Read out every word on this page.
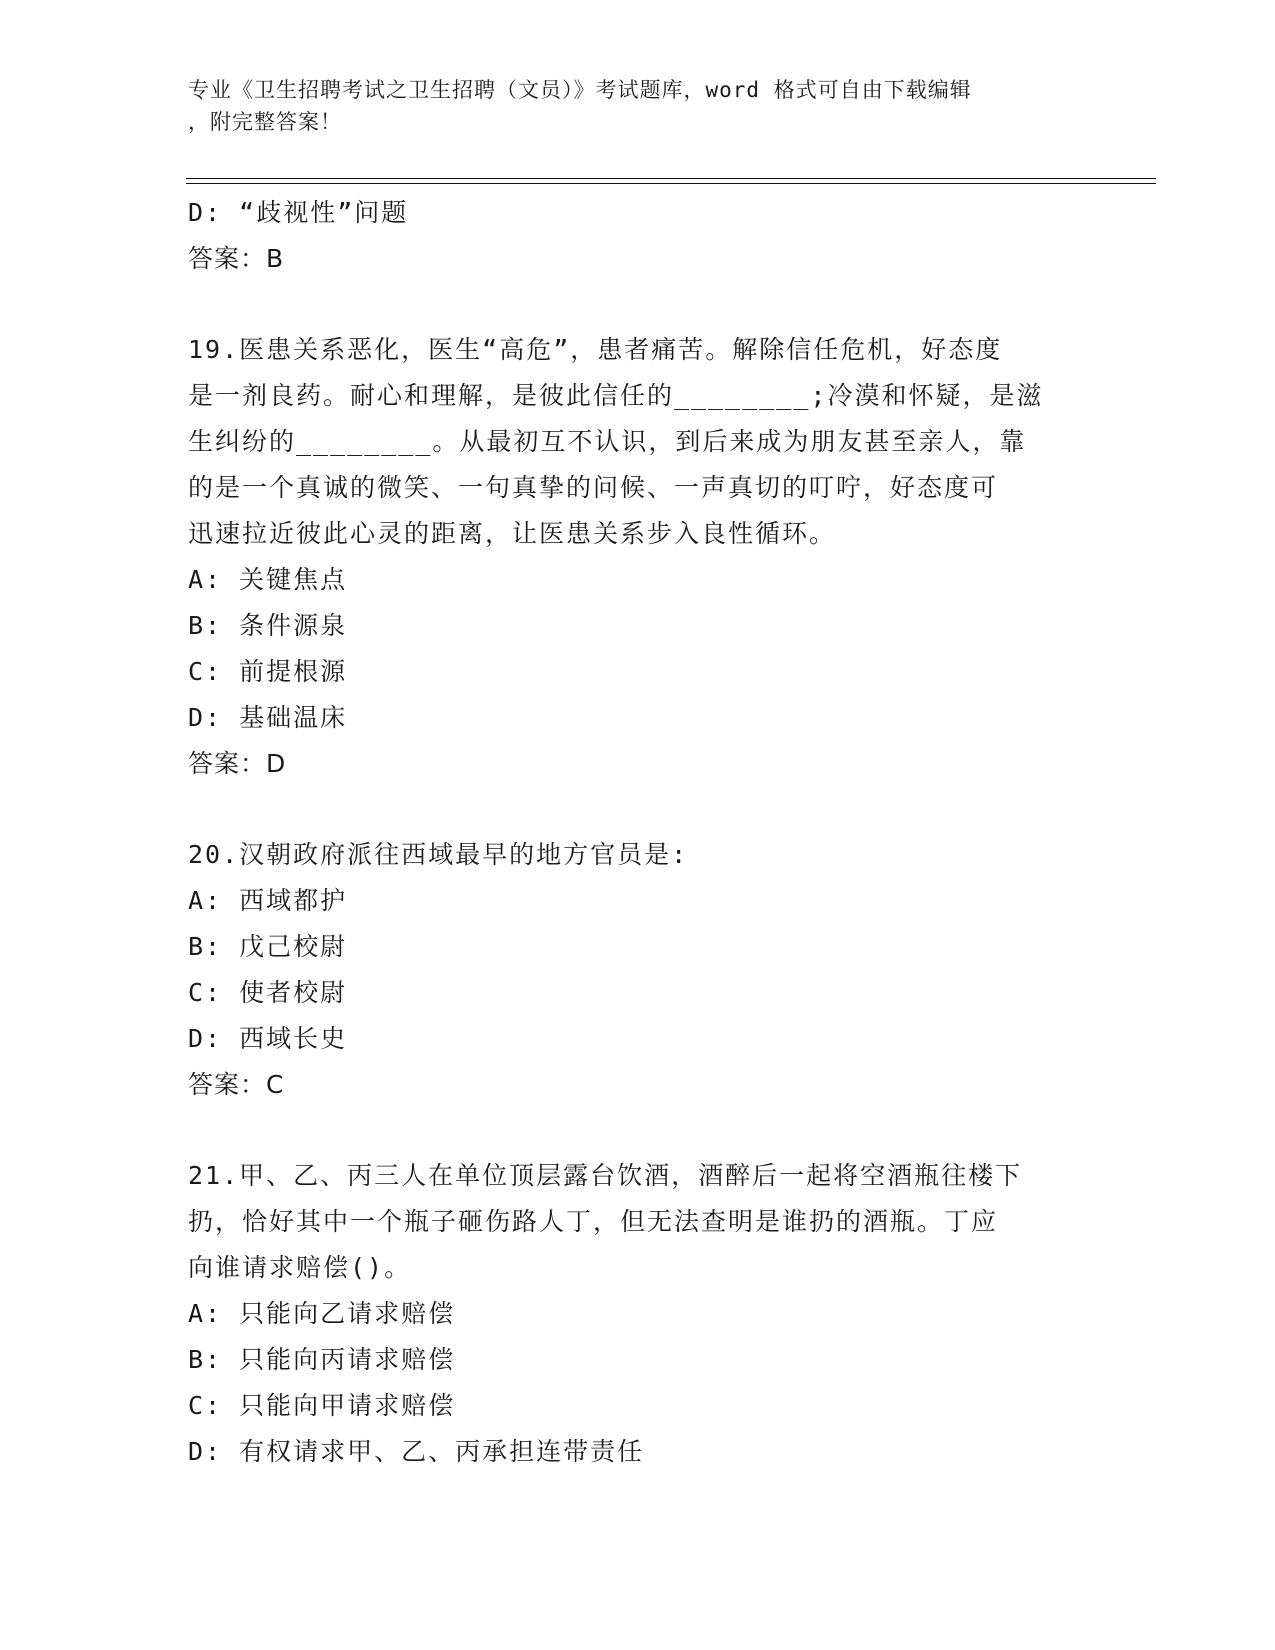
专业《卫生招聘考试之卫生招聘（文员）》考试题库，word 格式可自由下载编辑
，附完整答案！
D: “歧视性”问题
答案：B
19.医患关系恶化，医生“高危”，患者痛苦。解除信任危机，好态度
是一剂良药。耐心和理解，是彼此信任的________;冷漠和怀疑，是滋
生纠纷的________。从最初互不认识，到后来成为朋友甚至亲人，靠
的是一个真诚的微笑、一句真挚的问候、一声真切的叮咛，好态度可
迅速拉近彼此心灵的距离，让医患关系步入良性循环。
A: 关键焦点
B: 条件源泉
C: 前提根源
D: 基础温床
答案：D
20.汉朝政府派往西域最早的地方官员是:
A: 西域都护
B: 戊己校尉
C: 使者校尉
D: 西域长史
答案：C
21.甲、乙、丙三人在单位顶层露台饮酒，酒醉后一起将空酒瓶往楼下
扔，恰好其中一个瓶子砸伤路人丁，但无法查明是谁扔的酒瓶。丁应
向谁请求赔偿()。
A: 只能向乙请求赔偿
B: 只能向丙请求赔偿
C: 只能向甲请求赔偿
D: 有权请求甲、乙、丙承担连带责任
